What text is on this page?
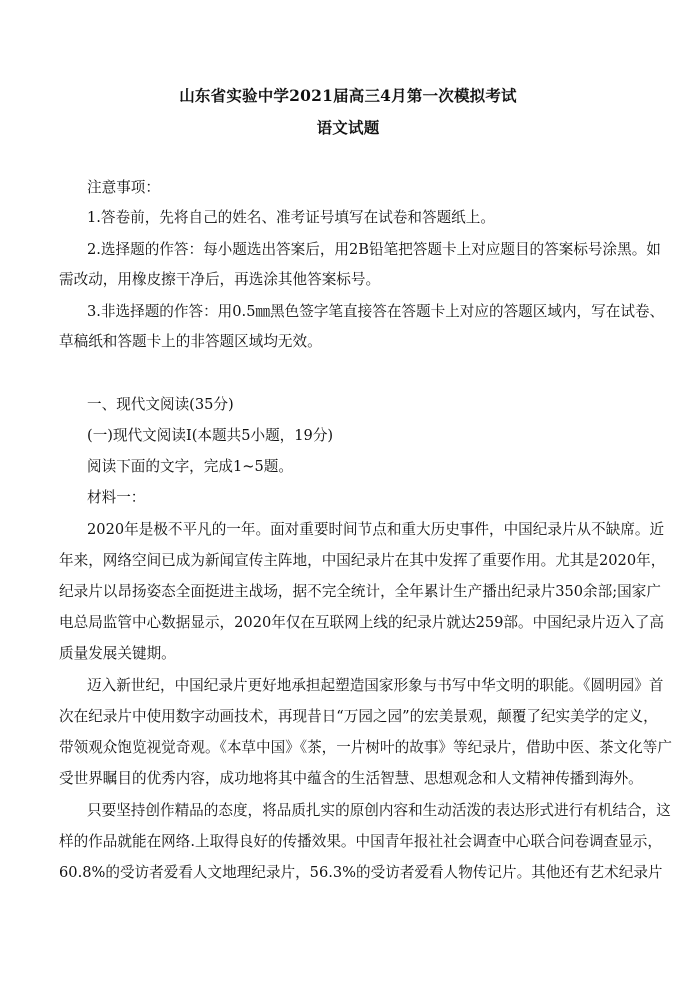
山东省实验中学2021届高三4月第一次模拟考试
语文试题
注意事项：
1.答卷前，先将自己的姓名、准考证号填写在试卷和答题纸上。
2.选择题的作答：每小题选出答案后，用2B铅笔把答题卡上对应题目的答案标号涂黑。如
需改动，用橡皮擦干净后，再选涂其他答案标号。
3.非选择题的作答：用0.5㎜黑色签字笔直接答在答题卡上对应的答题区域内，写在试卷、
草稿纸和答题卡上的非答题区域均无效。
一、现代文阅读(35分)
(一)现代文阅读Ⅰ(本题共5小题，19分)
阅读下面的文字，完成1~5题。
材料一：
2020年是极不平凡的一年。面对重要时间节点和重大历史事件，中国纪录片从不缺席。近
年来，网络空间已成为新闻宣传主阵地，中国纪录片在其中发挥了重要作用。尤其是2020年，
纪录片以昂扬姿态全面挺进主战场，据不完全统计，全年累计生产播出纪录片350余部;国家广
电总局监管中心数据显示，2020年仅在互联网上线的纪录片就达259部。中国纪录片迈入了高
质量发展关键期。
迈入新世纪，中国纪录片更好地承担起塑造国家形象与书写中华文明的职能。《圆明园》首
次在纪录片中使用数字动画技术，再现昔日“万园之园”的宏美景观，颠覆了纪实美学的定义，
带领观众饱览视觉奇观。《本草中国》《茶，一片树叶的故事》等纪录片，借助中医、茶文化等广
受世界瞩目的优秀内容，成功地将其中蕴含的生活智慧、思想观念和人文精神传播到海外。
只要坚持创作精品的态度，将品质扎实的原创内容和生动活泼的表达形式进行有机结合，这
样的作品就能在网络.上取得良好的传播效果。中国青年报社社会调查中心联合问卷调查显示，
60.8%的受访者爱看人文地理纪录片，56.3%的受访者爱看人物传记片。其他还有艺术纪录片
